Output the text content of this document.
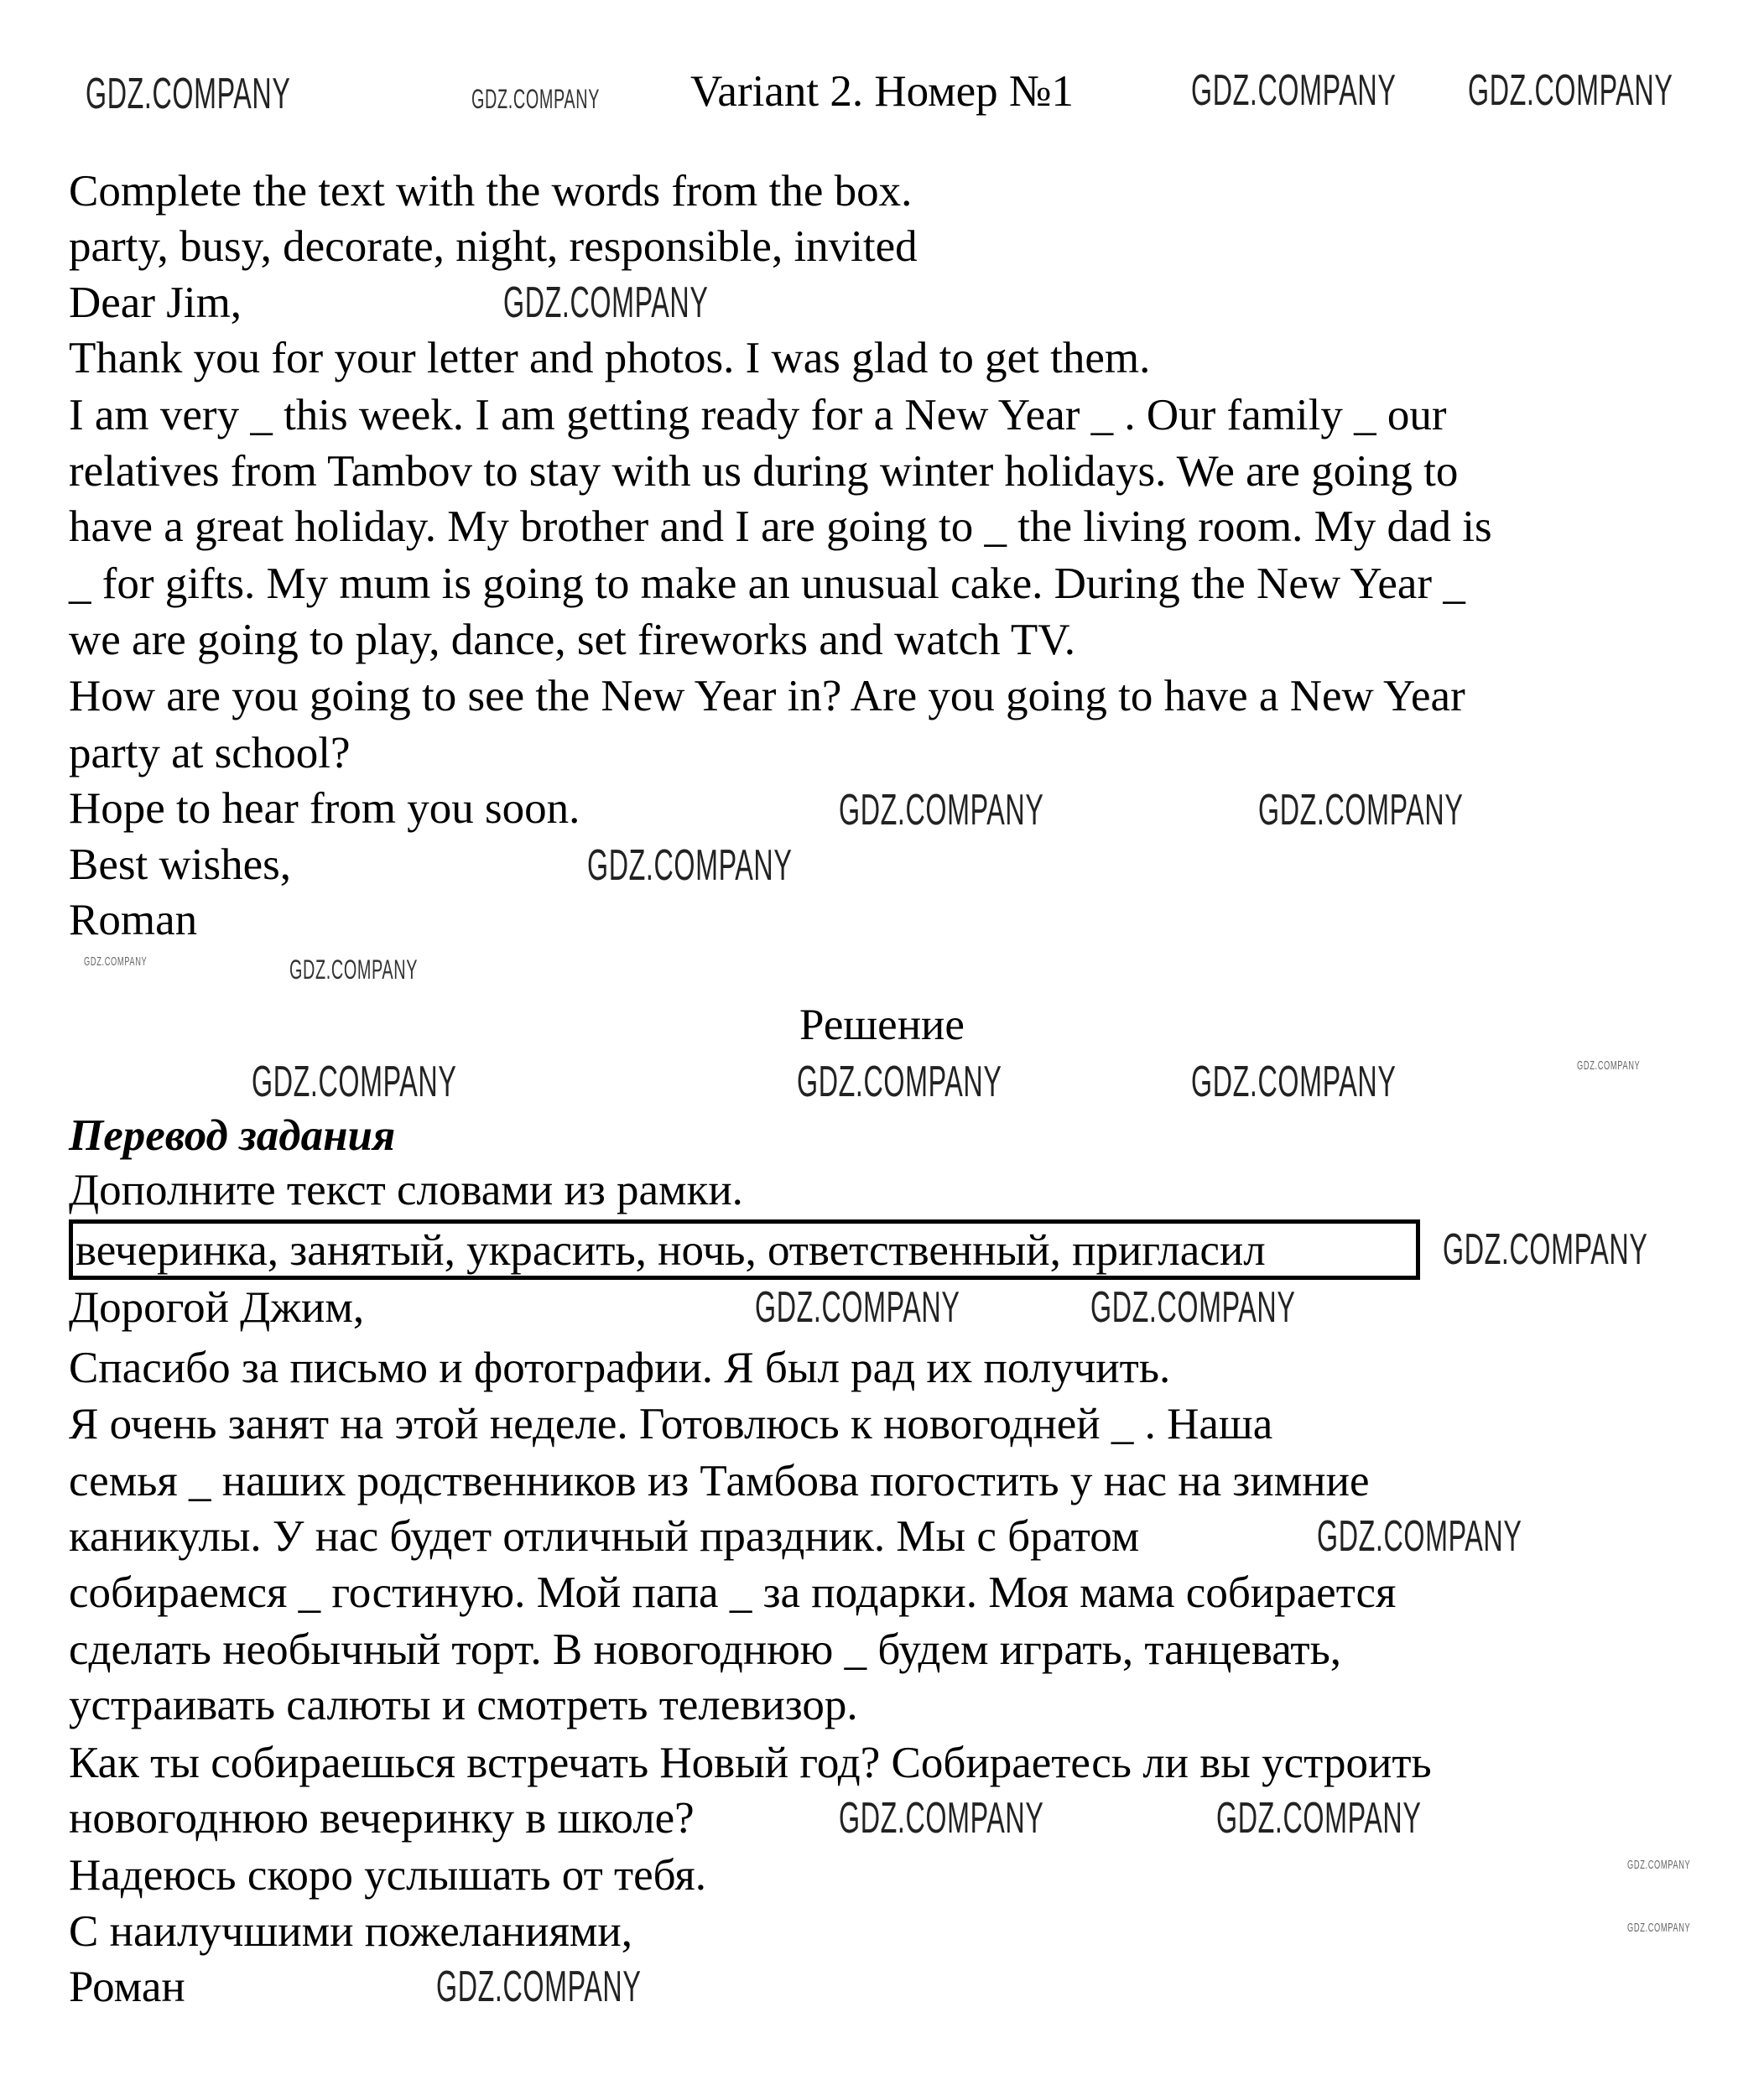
Variant 2. Номер №1
Complete the text with the words from the box.
party, busy, decorate, night, responsible, invited
Dear Jim,
Thank you for your letter and photos. I was glad to get them.
I am very _ this week. I am getting ready for a New Year _ . Our family _ our
relatives from Tambov to stay with us during winter holidays. We are going to
have a great holiday. My brother and I are going to _ the living room. My dad is
_ for gifts. My mum is going to make an unusual cake. During the New Year _
we are going to play, dance, set fireworks and watch TV.
How are you going to see the New Year in? Are you going to have a New Year
party at school?
Hope to hear from you soon.
Best wishes,
Roman
Решение
Перевод задания
Дополните текст словами из рамки.
вечеринка, занятый, украсить, ночь, ответственный, пригласил
Дорогой Джим,
Спасибо за письмо и фотографии. Я был рад их получить.
Я очень занят на этой неделе. Готовлюсь к новогодней _ . Наша
семья _ наших родственников из Тамбова погостить у нас на зимние
каникулы. У нас будет отличный праздник. Мы с братом
собираемся _ гостиную. Мой папа _ за подарки. Моя мама собирается
сделать необычный торт. В новогоднюю _ будем играть, танцевать,
устраивать салюты и смотреть телевизор.
Как ты собираешься встречать Новый год? Собираетесь ли вы устроить
новогоднюю вечеринку в школе?
Надеюсь скоро услышать от тебя.
С наилучшими пожеланиями,
Роман
GDZ.COMPANY	GDZ.COMPANY	GDZ.COMPANY GDZ.COMPANY
GDZ.COMPANY
GDZ.COMPANY	GDZ.COMPANY
GDZ.COMPANY
GDZ.COMPANY	GDZ.COMPANY
GDZ.COMPANY	GDZ.COMPANY	GDZ.COMPANY	GDZ.COMPANY
GDZ.COMPANY
GDZ.COMPANY	GDZ.COMPANY
GDZ.COMPANY
GDZ.COMPANY	GDZ.COMPANY
GDZ.COMPANY
GDZ.COMPANY
GDZ.COMPANY
